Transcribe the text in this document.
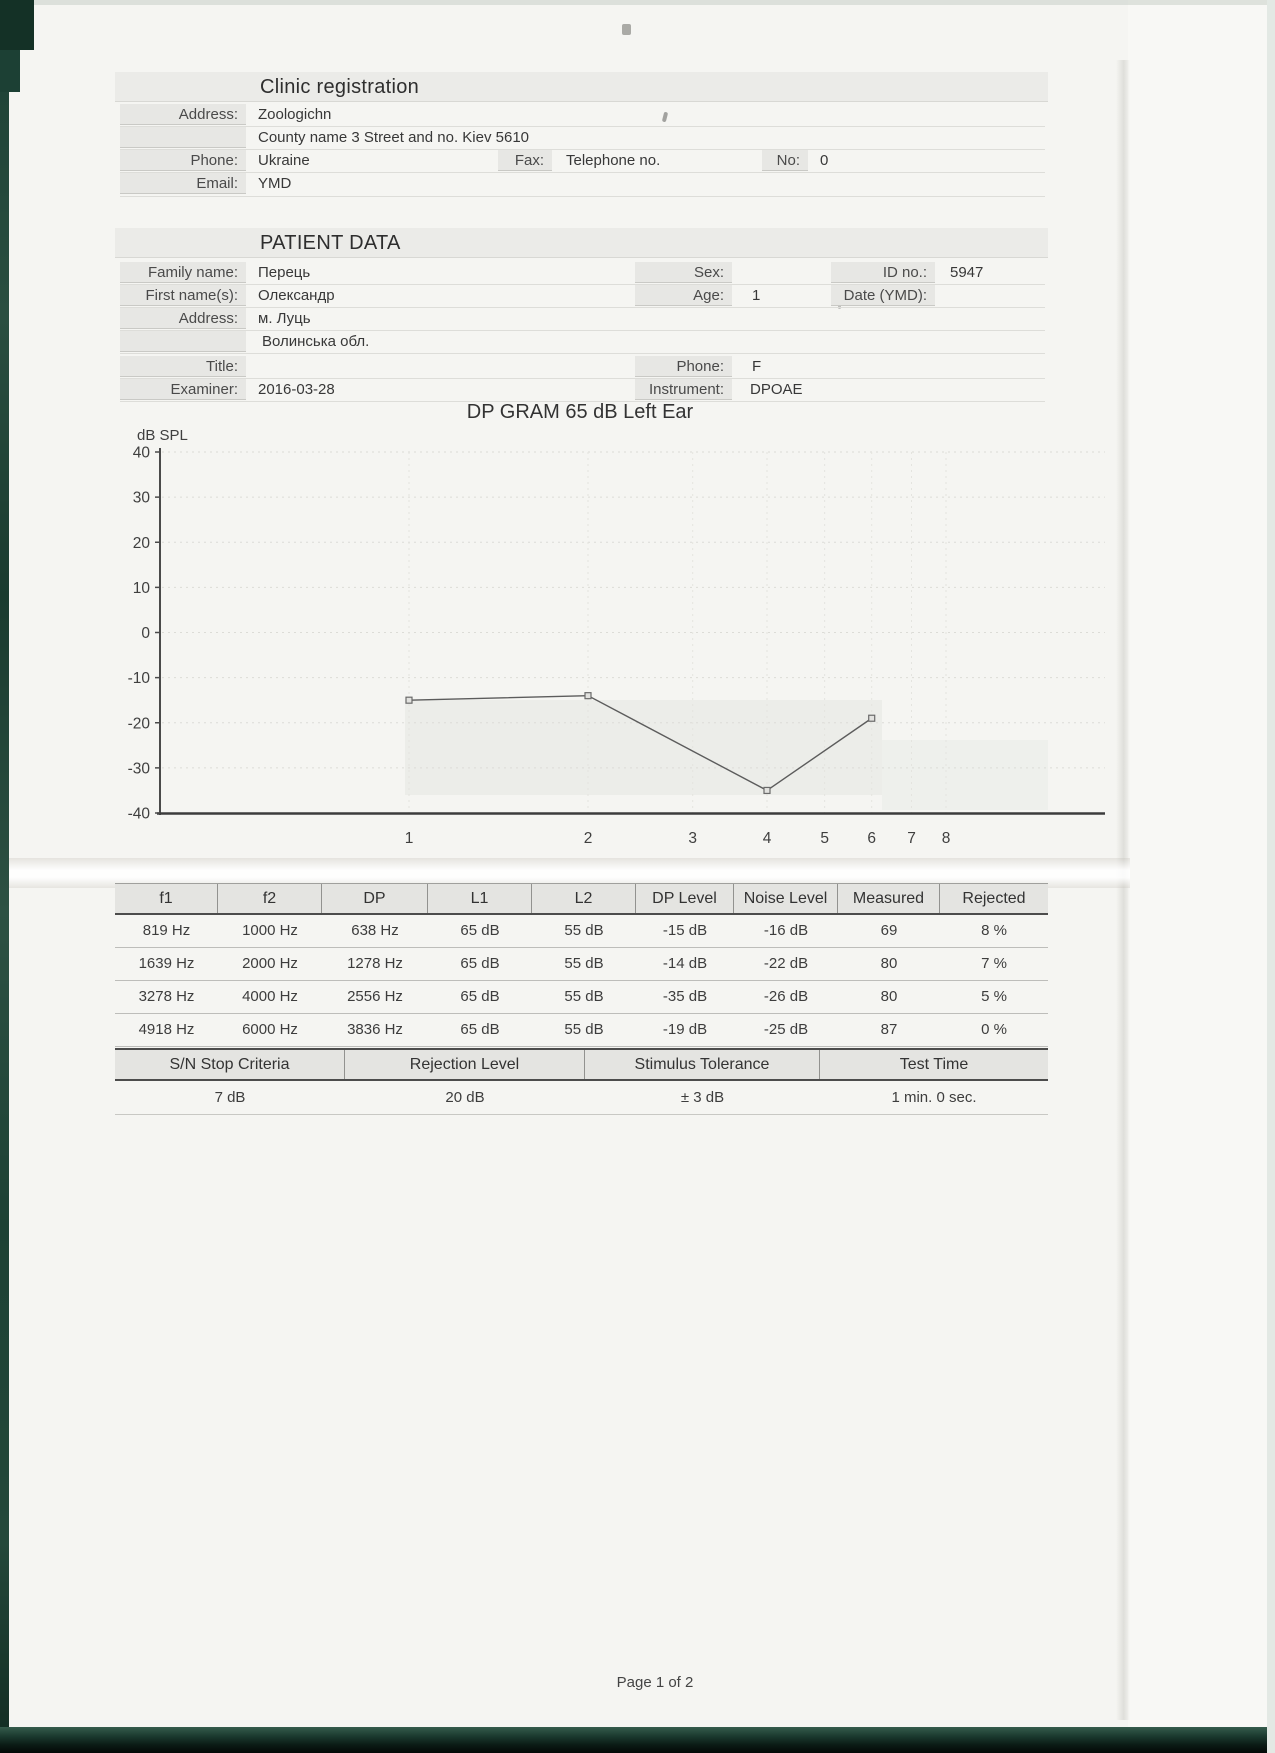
Clinic registration
Address:	Zoologichn
County name 3 Street and no. Kiev 5610
Phone:	Ukraine	Fax:	Telephone no.	No:	0
Email:	YMD
PATIENT DATA
Family name:	Перець	Sex:	ID no.:	5947
First name(s):	Олександр	Age:	1	Date (YMD):
Address:	м. Луць
Волинська обл.
Title:	Phone:	F
Examiner:	2016-03-28	Instrument:	DPOAE
DP GRAM 65 dB Left Ear
dB SPL
40
30
20
10
0
-10
-20
-30
-40
1	2	3	4	5 6 7 8
f1	f2	DP	L1	L2	DP Level	Noise Level	Measured	Rejected
819 Hz	1000 Hz	638 Hz	65 dB	55 dB	-15 dB	-16 dB	69	8 %
1639 Hz	2000 Hz	1278 Hz	65 dB	55 dB	-14 dB	-22 dB	80	7 %
3278 Hz	4000 Hz	2556 Hz	65 dB	55 dB	-35 dB	-26 dB	80	5 %
4918 Hz	6000 Hz	3836 Hz	65 dB	55 dB	-19 dB	-25 dB	87	0 %
S/N Stop Criteria	Rejection Level	Stimulus Tolerance	Test Time
7 dB	20 dB	± 3 dB	1 min. 0 sec.
Page 1 of 2
